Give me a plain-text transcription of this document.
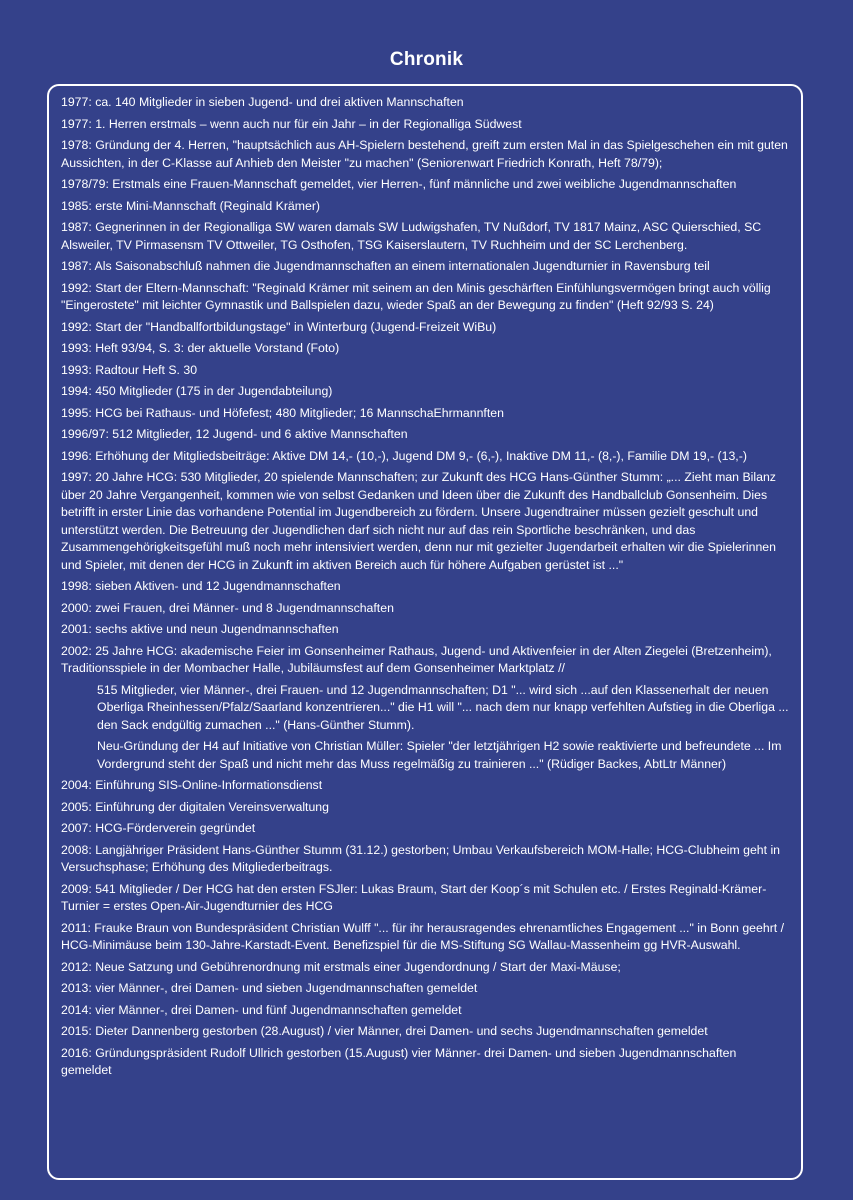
Chronik
1977: ca. 140 Mitglieder in sieben Jugend- und drei aktiven Mannschaften
1977: 1. Herren erstmals – wenn auch nur für ein Jahr – in der Regionalliga Südwest
1978: Gründung der 4. Herren, "hauptsächlich aus AH-Spielern bestehend, greift zum ersten Mal in das Spielgeschehen ein mit guten Aussichten, in der C-Klasse auf Anhieb den Meister "zu machen" (Seniorenwart Friedrich Konrath, Heft 78/79);
1978/79: Erstmals eine Frauen-Mannschaft gemeldet, vier Herren-, fünf männliche und zwei weibliche Jugendmannschaften
1985: erste Mini-Mannschaft (Reginald Krämer)
1987: Gegnerinnen in der Regionalliga SW waren damals SW Ludwigshafen, TV Nußdorf, TV 1817 Mainz, ASC Quierschied, SC Alsweiler, TV Pirmasensm TV Ottweiler, TG Osthofen, TSG Kaiserslautern, TV Ruchheim und der SC Lerchenberg.
1987: Als Saisonabschluß nahmen die Jugendmannschaften an einem internationalen Jugendturnier in Ravensburg teil
1992: Start der Eltern-Mannschaft: "Reginald Krämer mit seinem an den Minis geschärften Einfühlungsvermögen bringt auch völlig "Eingerostete" mit leichter Gymnastik und Ballspielen dazu, wieder Spaß an der Bewegung zu finden" (Heft 92/93 S. 24)
1992: Start der "Handballfortbildungstage" in Winterburg (Jugend-Freizeit WiBu)
1993: Heft 93/94, S. 3: der aktuelle Vorstand (Foto)
1993: Radtour Heft S. 30
1994: 450 Mitglieder (175 in der Jugendabteilung)
1995: HCG bei Rathaus- und Höfefest; 480 Mitglieder; 16 MannschaEhrmannften
1996/97: 512 Mitglieder, 12 Jugend- und 6 aktive Mannschaften
1996: Erhöhung der Mitgliedsbeiträge: Aktive DM 14,- (10,-), Jugend DM 9,- (6,-), Inaktive DM 11,- (8,-), Familie DM 19,- (13,-)
1997: 20 Jahre HCG: 530 Mitglieder, 20 spielende Mannschaften; zur Zukunft des HCG Hans-Günther Stumm: „... Zieht man Bilanz über 20 Jahre Vergangenheit, kommen wie von selbst Gedanken und Ideen über die Zukunft des Handballclub Gonsenheim. Dies betrifft in erster Linie das vorhandene Potential im Jugendbereich zu fördern. Unsere Jugendtrainer müssen gezielt geschult und unterstützt werden. Die Betreuung der Jugendlichen darf sich nicht nur auf das rein Sportliche beschränken, und das Zusammengehörigkeitsgefühl muß noch mehr intensiviert werden, denn nur mit gezielter Jugendarbeit erhalten wir die Spielerinnen und Spieler, mit denen der HCG in Zukunft im aktiven Bereich auch für höhere Aufgaben gerüstet ist ..."
1998: sieben Aktiven- und 12 Jugendmannschaften
2000: zwei Frauen, drei Männer- und 8 Jugendmannschaften
2001: sechs aktive und neun Jugendmannschaften
2002: 25 Jahre HCG: akademische Feier im Gonsenheimer Rathaus, Jugend- und Aktivenfeier in der Alten Ziegelei (Bretzenheim), Traditionsspiele in der Mombacher Halle, Jubiläumsfest auf dem Gonsenheimer Marktplatz //
515 Mitglieder, vier Männer-, drei Frauen- und 12 Jugendmannschaften; D1 "... wird sich ...auf den Klassenerhalt der neuen Oberliga Rheinhessen/Pfalz/Saarland konzentrieren..." die H1 will "... nach dem nur knapp verfehlten Aufstieg in die Oberliga ... den Sack endgültig zumachen ..." (Hans-Günther Stumm).
Neu-Gründung der H4 auf Initiative von Christian Müller: Spieler "der letztjährigen H2 sowie reaktivierte und befreundete ... Im Vordergrund steht der Spaß und nicht mehr das Muss regelmäßig zu trainieren ..." (Rüdiger Backes, AbtLtr Männer)
2004: Einführung SIS-Online-Informationsdienst
2005: Einführung der digitalen Vereinsverwaltung
2007: HCG-Förderverein gegründet
2008: Langjähriger Präsident Hans-Günther Stumm (31.12.) gestorben; Umbau Verkaufsbereich MOM-Halle; HCG-Clubheim geht in Versuchsphase; Erhöhung des Mitgliederbeitrags.
2009: 541 Mitglieder / Der HCG hat den ersten FSJler: Lukas Braum, Start der Koop´s mit Schulen etc. / Erstes Reginald-Krämer-Turnier = erstes Open-Air-Jugendturnier des HCG
2011: Frauke Braun von Bundespräsident Christian Wulff "... für ihr herausragendes ehrenamtliches Engagement ..." in Bonn geehrt / HCG-Minimäuse beim 130-Jahre-Karstadt-Event. Benefizspiel für die MS-Stiftung SG Wallau-Massenheim gg HVR-Auswahl.
2012: Neue Satzung und Gebührenordnung mit erstmals einer Jugendordnung / Start der Maxi-Mäuse;
2013: vier Männer-, drei Damen- und sieben Jugendmannschaften gemeldet
2014: vier Männer-, drei Damen- und fünf Jugendmannschaften gemeldet
2015: Dieter Dannenberg gestorben (28.August) / vier Männer, drei Damen- und sechs Jugendmannschaften gemeldet
2016: Gründungspräsident Rudolf Ullrich gestorben (15.August) vier Männer- drei Damen- und sieben Jugendmannschaften gemeldet
